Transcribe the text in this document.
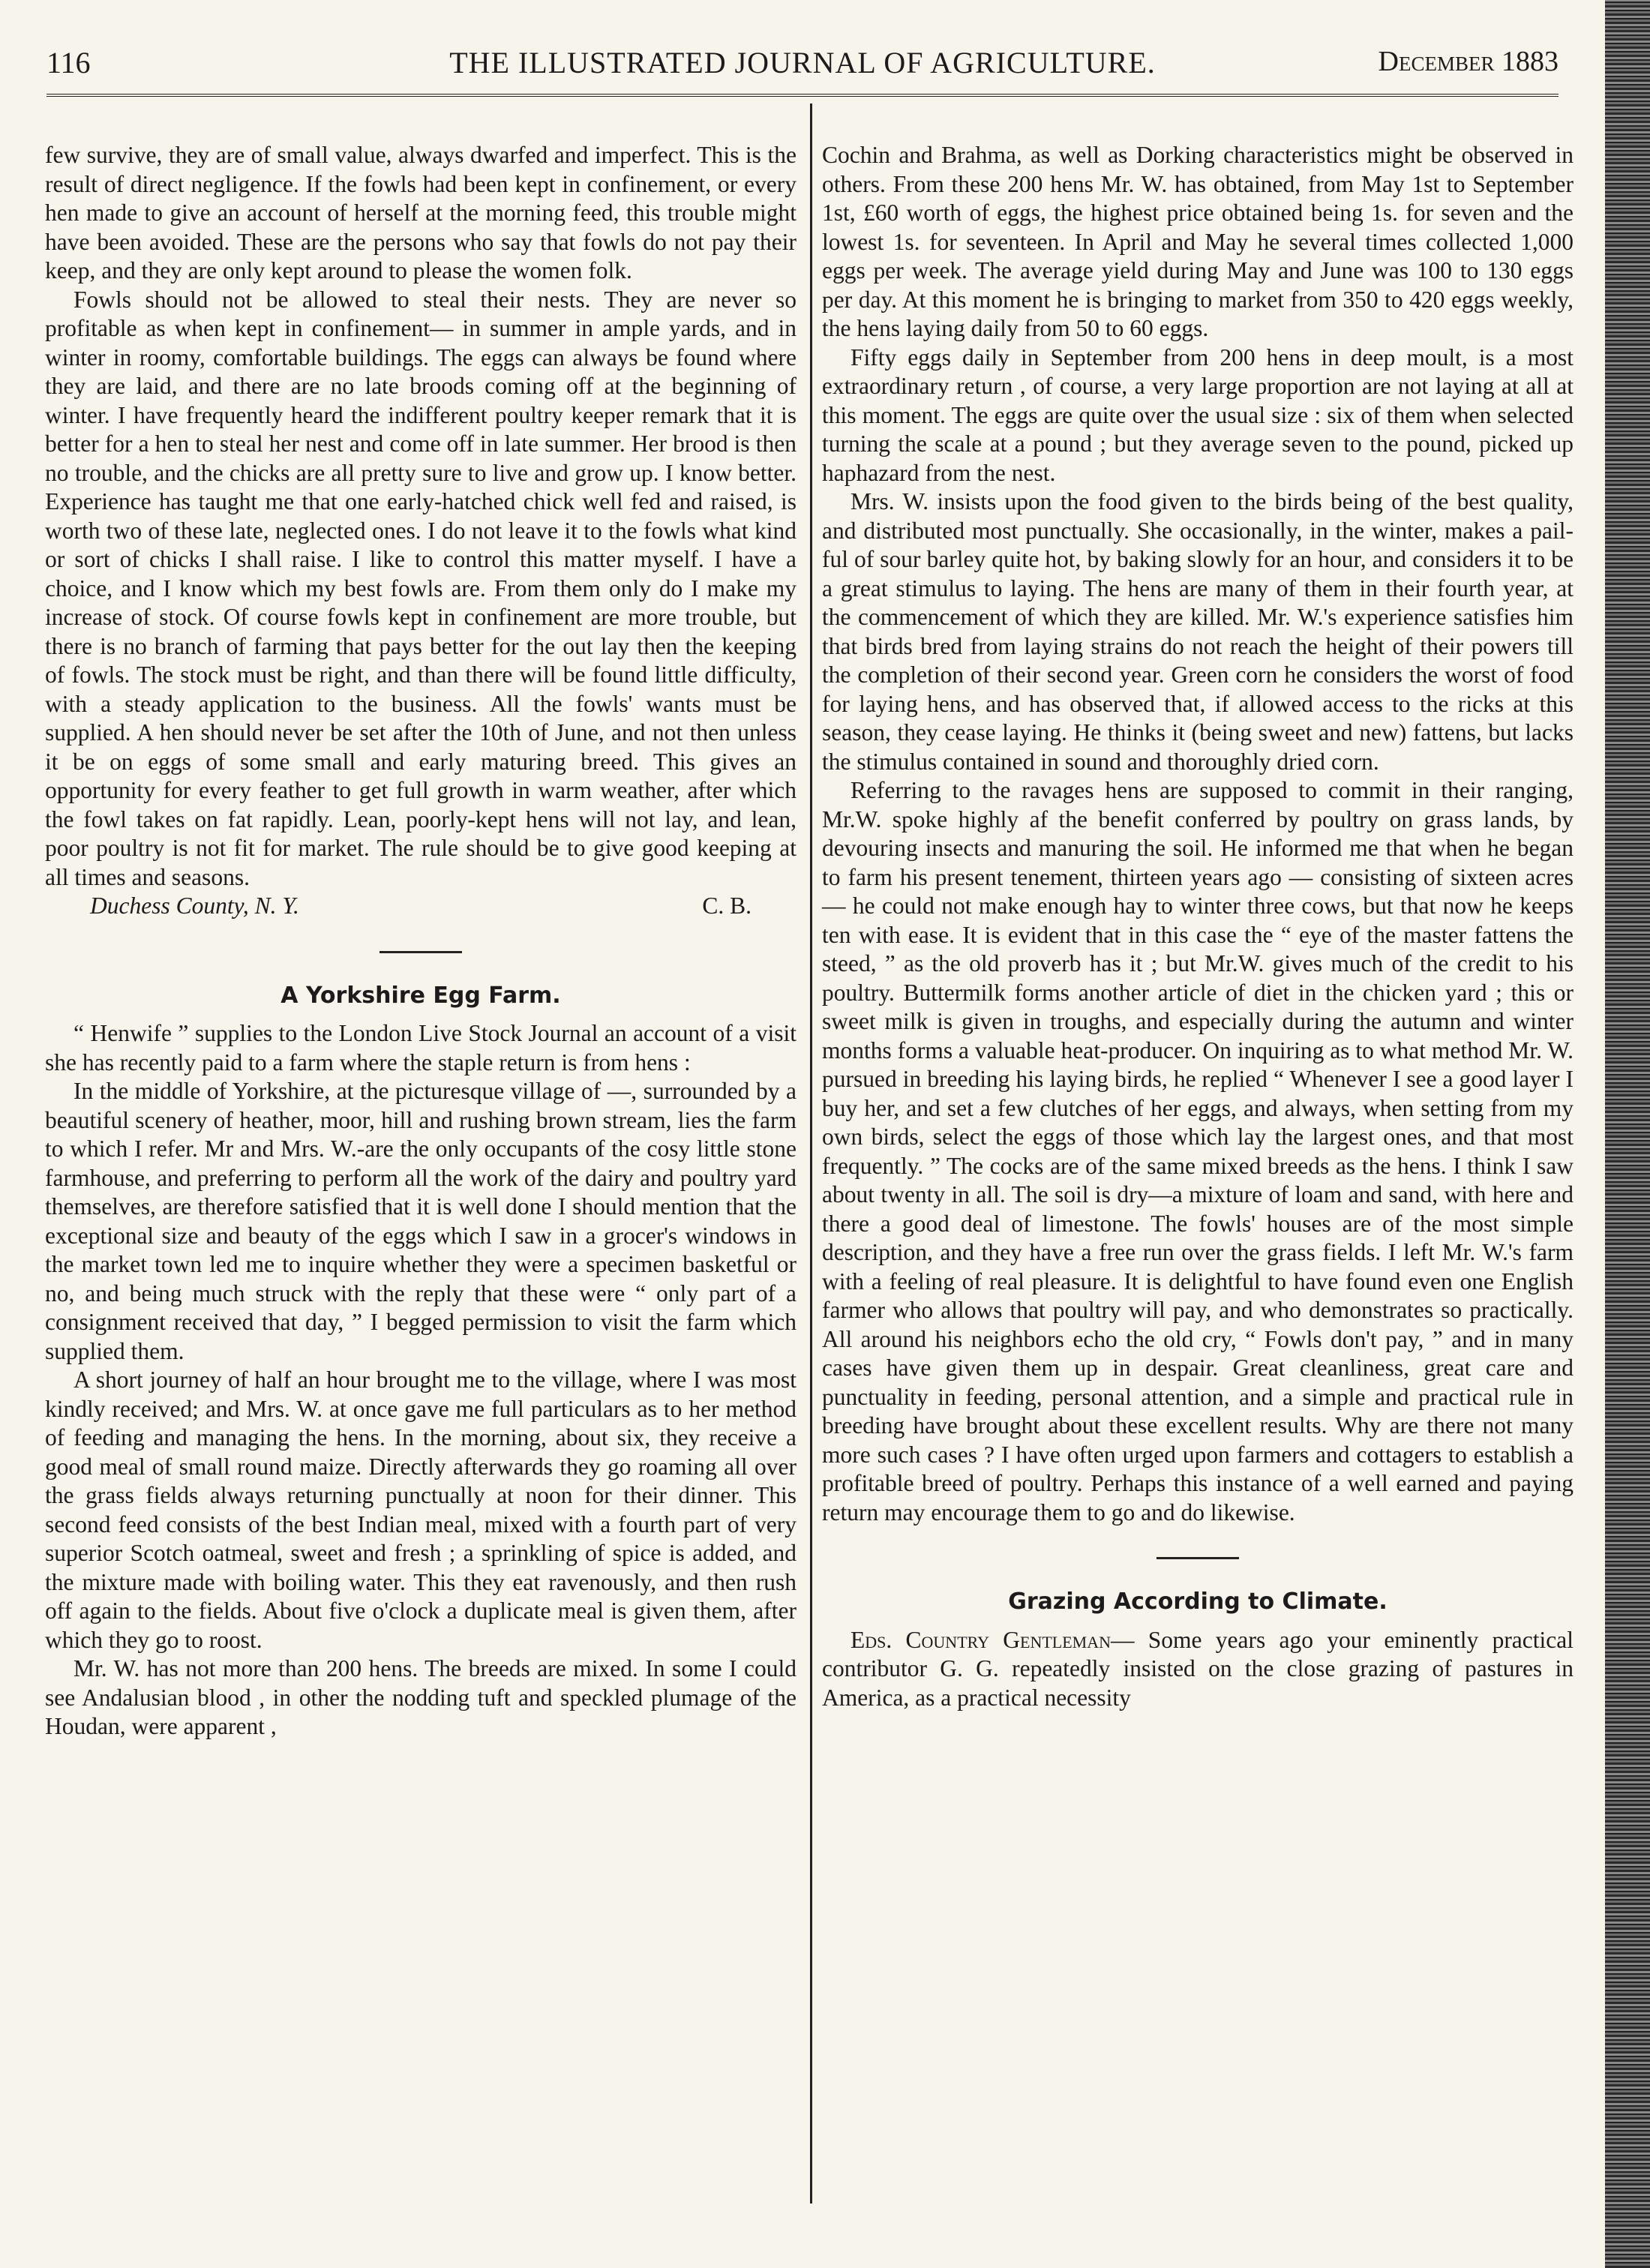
116	THE ILLUSTRATED JOURNAL OF AGRICULTURE.	December 1883

few survive, they are of small value, always dwarfed and imperfect. This is the result of direct negligence. If the fowls had been kept in confinement, or every hen made to give an account of herself at the morning feed, this trouble might have been avoided. These are the persons who say that fowls do not pay their keep, and they are only kept around to please the women folk.

Fowls should not be allowed to steal their nests. They are never so profitable as when kept in confinement— in summer in ample yards, and in winter in roomy, comfortable buildings. The eggs can always be found where they are laid, and there are no late broods coming off at the beginning of winter. I have frequently heard the indifferent poultry keeper remark that it is better for a hen to steal her nest and come off in late summer. Her brood is then no trouble, and the chicks are all pretty sure to live and grow up. I know better. Experience has taught me that one early-hatched chick well fed and raised, is worth two of these late, neglected ones. I do not leave it to the fowls what kind or sort of chicks I shall raise. I like to control this matter myself. I have a choice, and I know which my best fowls are. From them only do I make my increase of stock. Of course fowls kept in confinement are more trouble, but there is no branch of farming that pays better for the out lay then the keeping of fowls. The stock must be right, and than there will be found little difficulty, with a steady application to the business. All the fowls' wants must be supplied. A hen should never be set after the 10th of June, and not then unless it be on eggs of some small and early maturing breed. This gives an opportunity for every feather to get full growth in warm weather, after which the fowl takes on fat rapidly. Lean, poorly-kept hens will not lay, and lean, poor poultry is not fit for market. The rule should be to give good keeping at all times and seasons.

Duchess County, N. Y.	C. B.
A Yorkshire Egg Farm.

“ Henwife ” supplies to the London Live Stock Journal an account of a visit she has recently paid to a farm where the staple return is from hens :

In the middle of Yorkshire, at the picturesque village of —, surrounded by a beautiful scenery of heather, moor, hill and rushing brown stream, lies the farm to which I refer. Mr and Mrs. W.-are the only occupants of the cosy little stone farmhouse, and preferring to perform all the work of the dairy and poultry yard themselves, are therefore satisfied that it is well done I should mention that the exceptional size and beauty of the eggs which I saw in a grocer's windows in the market town led me to inquire whether they were a specimen basketful or no, and being much struck with the reply that these were “ only part of a consignment received that day, ” I begged permission to visit the farm which supplied them.

A short journey of half an hour brought me to the village, where I was most kindly received; and Mrs. W. at once gave me full particulars as to her method of feeding and managing the hens. In the morning, about six, they receive a good meal of small round maize. Directly afterwards they go roaming all over the grass fields always returning punctually at noon for their dinner. This second feed consists of the best Indian meal, mixed with a fourth part of very superior Scotch oatmeal, sweet and fresh ; a sprinkling of spice is added, and the mixture made with boiling water. This they eat ravenously, and then rush off again to the fields. About five o'clock a duplicate meal is given them, after which they go to roost.

Mr. W. has not more than 200 hens. The breeds are mixed. In some I could see Andalusian blood , in other the nodding tuft and speckled plumage of the Houdan, were apparent ,

Cochin and Brahma, as well as Dorking characteristics might be observed in others. From these 200 hens Mr. W. has obtained, from May 1st to September 1st, £60 worth of eggs, the highest price obtained being 1s. for seven and the lowest 1s. for seventeen. In April and May he several times collected 1,000 eggs per week. The average yield during May and June was 100 to 130 eggs per day. At this moment he is bringing to market from 350 to 420 eggs weekly, the hens laying daily from 50 to 60 eggs.

Fifty eggs daily in September from 200 hens in deep moult, is a most extraordinary return , of course, a very large proportion are not laying at all at this moment. The eggs are quite over the usual size : six of them when selected turning the scale at a pound ; but they average seven to the pound, picked up haphazard from the nest.

Mrs. W. insists upon the food given to the birds being of the best quality, and distributed most punctually. She occasionally, in the winter, makes a pail-ful of sour barley quite hot, by baking slowly for an hour, and considers it to be a great stimulus to laying. The hens are many of them in their fourth year, at the commencement of which they are killed. Mr. W.'s experience satisfies him that birds bred from laying strains do not reach the height of their powers till the completion of their second year. Green corn he considers the worst of food for laying hens, and has observed that, if allowed access to the ricks at this season, they cease laying. He thinks it (being sweet and new) fattens, but lacks the stimulus contained in sound and thoroughly dried corn.

Referring to the ravages hens are supposed to commit in their ranging, Mr.W. spoke highly af the benefit conferred by poultry on grass lands, by devouring insects and manuring the soil. He informed me that when he began to farm his present tenement, thirteen years ago — consisting of sixteen acres — he could not make enough hay to winter three cows, but that now he keeps ten with ease. It is evident that in this case the “ eye of the master fattens the steed, ” as the old proverb has it ; but Mr.W. gives much of the credit to his poultry. Buttermilk forms another article of diet in the chicken yard ; this or sweet milk is given in troughs, and especially during the autumn and winter months forms a valuable heat-producer. On inquiring as to what method Mr. W. pursued in breeding his laying birds, he replied “ Whenever I see a good layer I buy her, and set a few clutches of her eggs, and always, when setting from my own birds, select the eggs of those which lay the largest ones, and that most frequently. ” The cocks are of the same mixed breeds as the hens. I think I saw about twenty in all. The soil is dry—a mixture of loam and sand, with here and there a good deal of limestone. The fowls' houses are of the most simple description, and they have a free run over the grass fields. I left Mr. W.'s farm with a feeling of real pleasure. It is delightful to have found even one English farmer who allows that poultry will pay, and who demonstrates so practically. All around his neighbors echo the old cry, “ Fowls don't pay, ” and in many cases have given them up in despair. Great cleanliness, great care and punctuality in feeding, personal attention, and a simple and practical rule in breeding have brought about these excellent results. Why are there not many more such cases ? I have often urged upon farmers and cottagers to establish a profitable breed of poultry. Perhaps this instance of a well earned and paying return may encourage them to go and do likewise.

Grazing According to Climate.

Eds. Country Gentleman— Some years ago your eminently practical contributor G. G. repeatedly insisted on the close grazing of pastures in America, as a practical necessity
